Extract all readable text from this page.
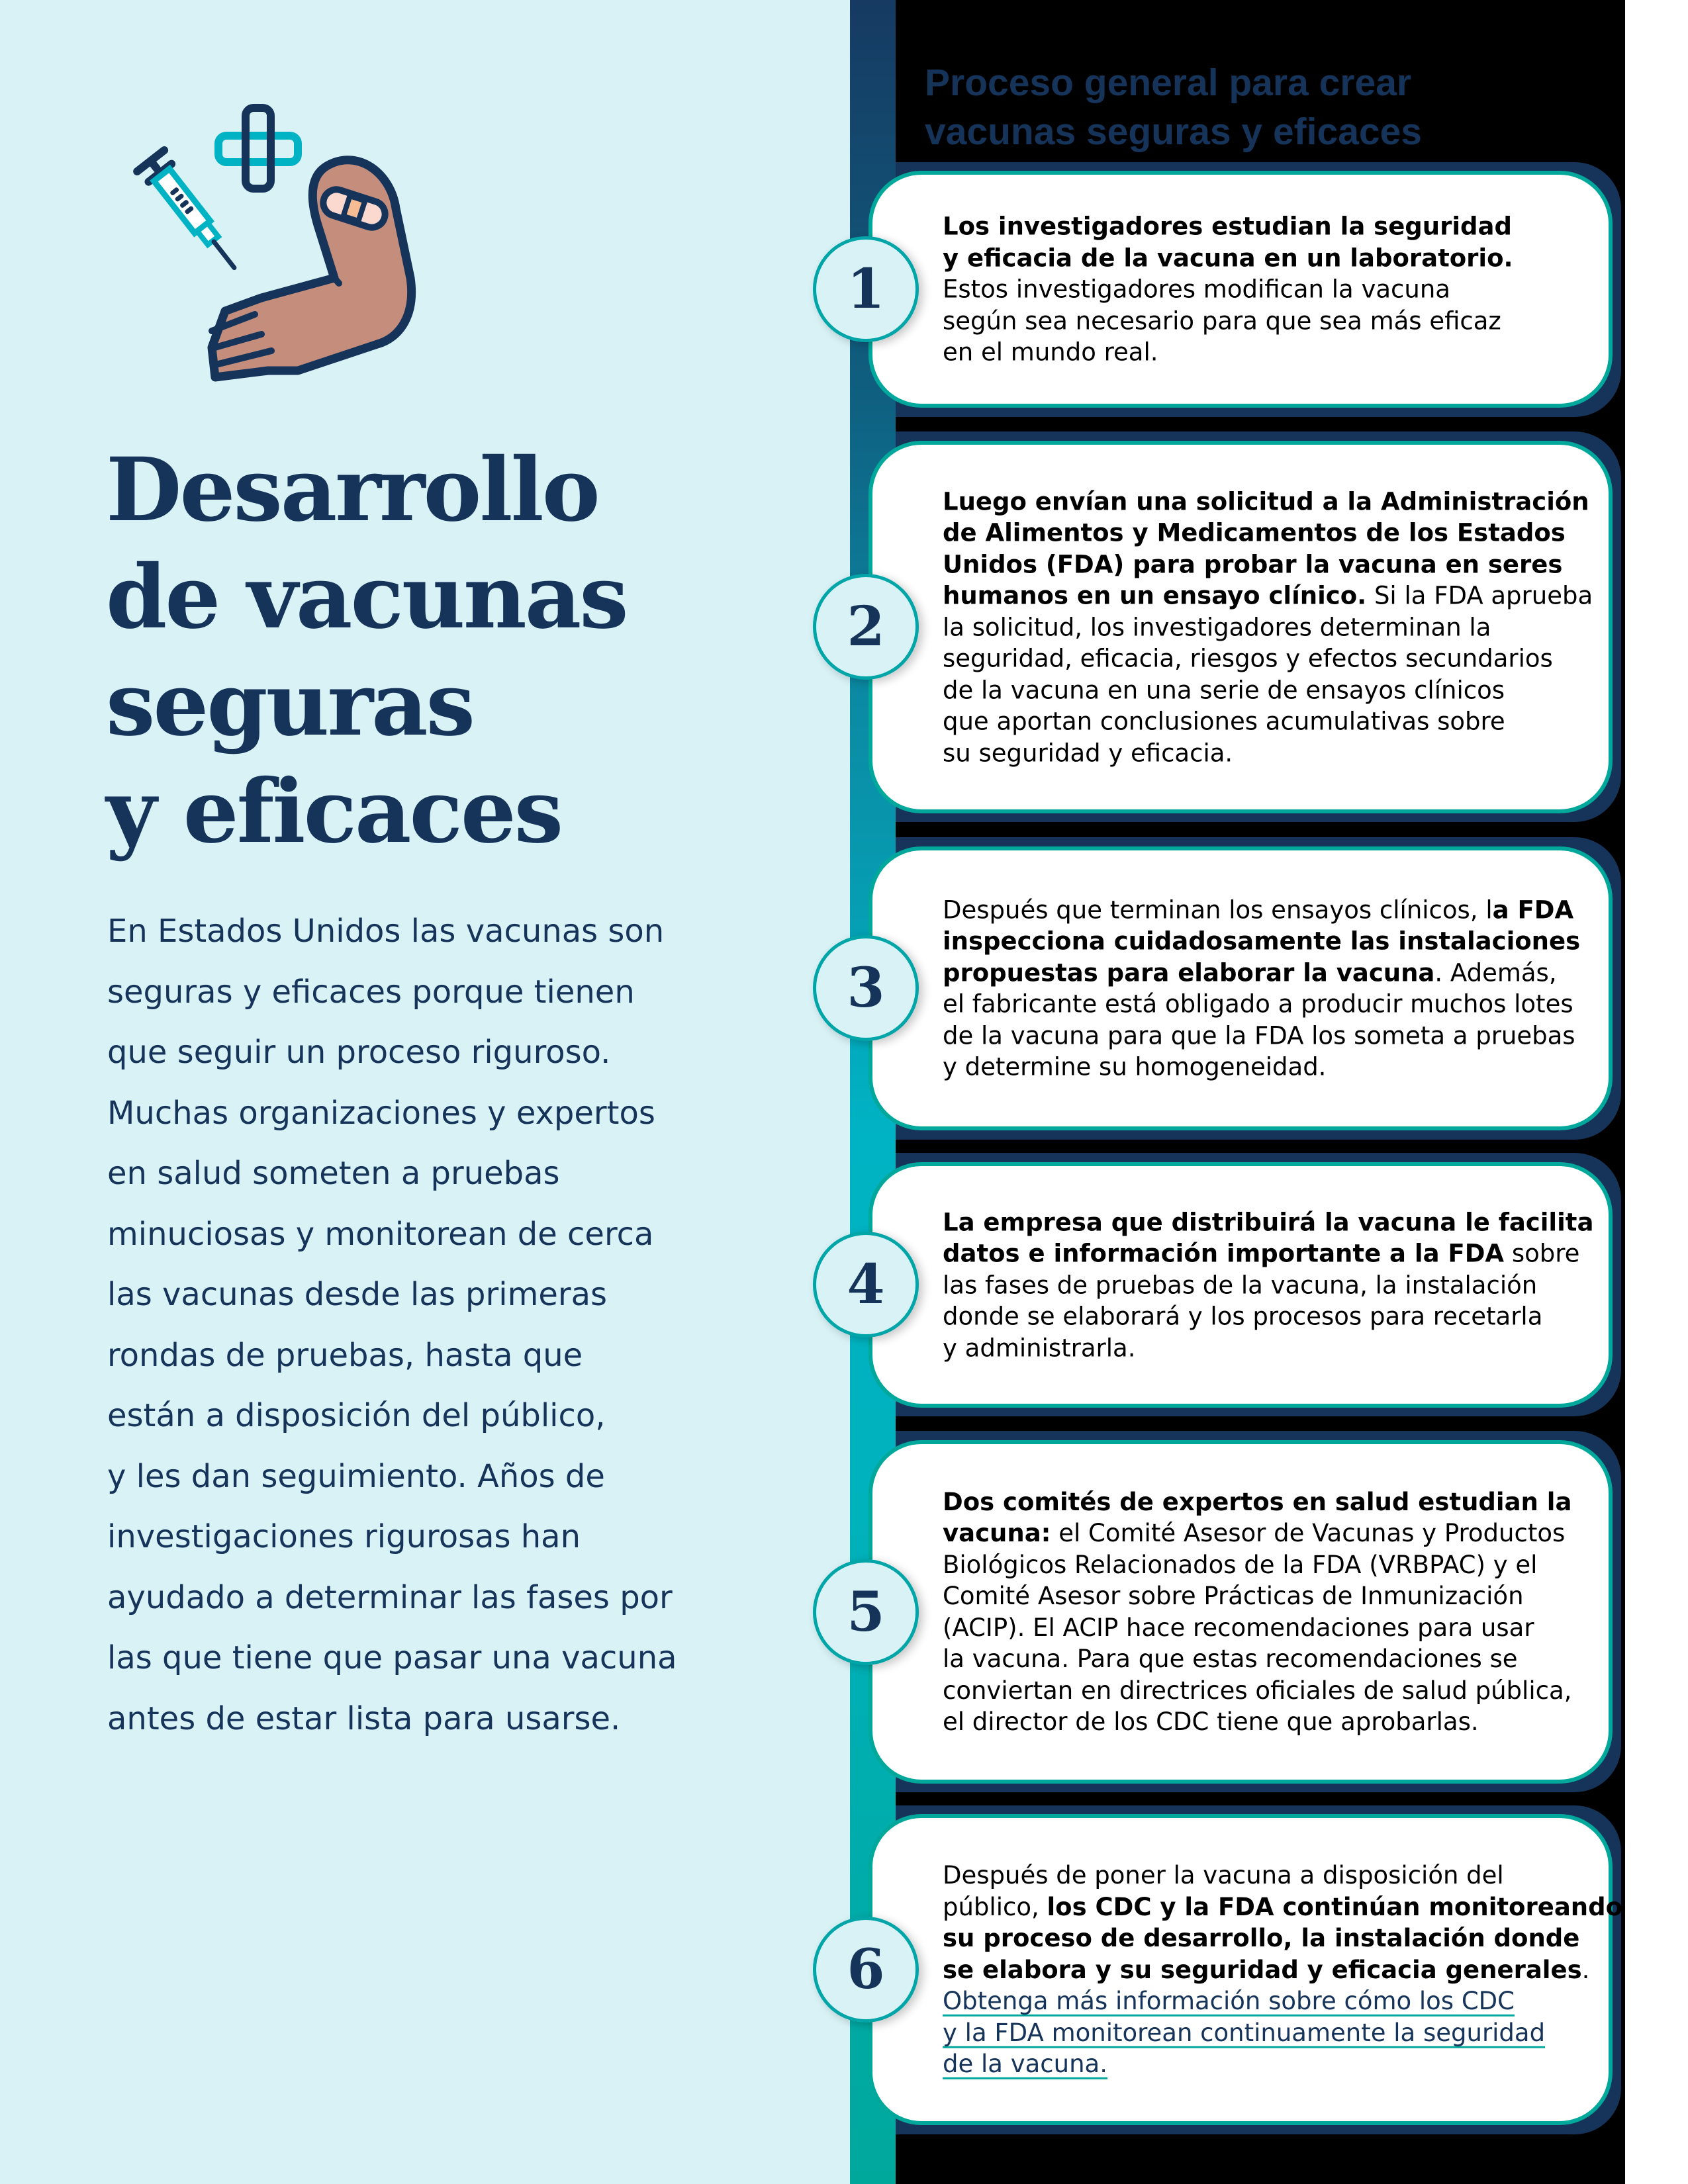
Desarrollo
de vacunas
seguras
y eficaces

En Estados Unidos las vacunas son
seguras y eficaces porque tienen
que seguir un proceso riguroso.
Muchas organizaciones y expertos
en salud someten a pruebas
minuciosas y monitorean de cerca
las vacunas desde las primeras
rondas de pruebas, hasta que
están a disposición del público,
y les dan seguimiento. Años de
investigaciones rigurosas han
ayudado a determinar las fases por
las que tiene que pasar una vacuna
antes de estar lista para usarse.

Proceso general para crear
vacunas seguras y eficaces
Los investigadores estudian la seguridad
y eficacia de la vacuna en un laboratorio.
Estos investigadores modifican la vacuna
según sea necesario para que sea más eficaz
en el mundo real.
Luego envían una solicitud a la Administración
de Alimentos y Medicamentos de los Estados
Unidos (FDA) para probar la vacuna en seres
humanos en un ensayo clínico. Si la FDA aprueba
la solicitud, los investigadores determinan la
seguridad, eficacia, riesgos y efectos secundarios
de la vacuna en una serie de ensayos clínicos
que aportan conclusiones acumulativas sobre
su seguridad y eficacia.
Después que terminan los ensayos clínicos, la FDA
inspecciona cuidadosamente las instalaciones
propuestas para elaborar la vacuna. Además,
el fabricante está obligado a producir muchos lotes
de la vacuna para que la FDA los someta a pruebas
y determine su homogeneidad.
La empresa que distribuirá la vacuna le facilita
datos e información importante a la FDA sobre
las fases de pruebas de la vacuna, la instalación
donde se elaborará y los procesos para recetarla
y administrarla.
Dos comités de expertos en salud estudian la
vacuna: el Comité Asesor de Vacunas y Productos
Biológicos Relacionados de la FDA (VRBPAC) y el
Comité Asesor sobre Prácticas de Inmunización
(ACIP). El ACIP hace recomendaciones para usar
la vacuna. Para que estas recomendaciones se
conviertan en directrices oficiales de salud pública,
el director de los CDC tiene que aprobarlas.
Después de poner la vacuna a disposición del
público, los CDC y la FDA continúan monitoreando
su proceso de desarrollo, la instalación donde
se elabora y su seguridad y eficacia generales.
Obtenga más información sobre cómo los CDC
y la FDA monitorean continuamente la seguridad
de la vacuna.
1
2
3
4
5
6
